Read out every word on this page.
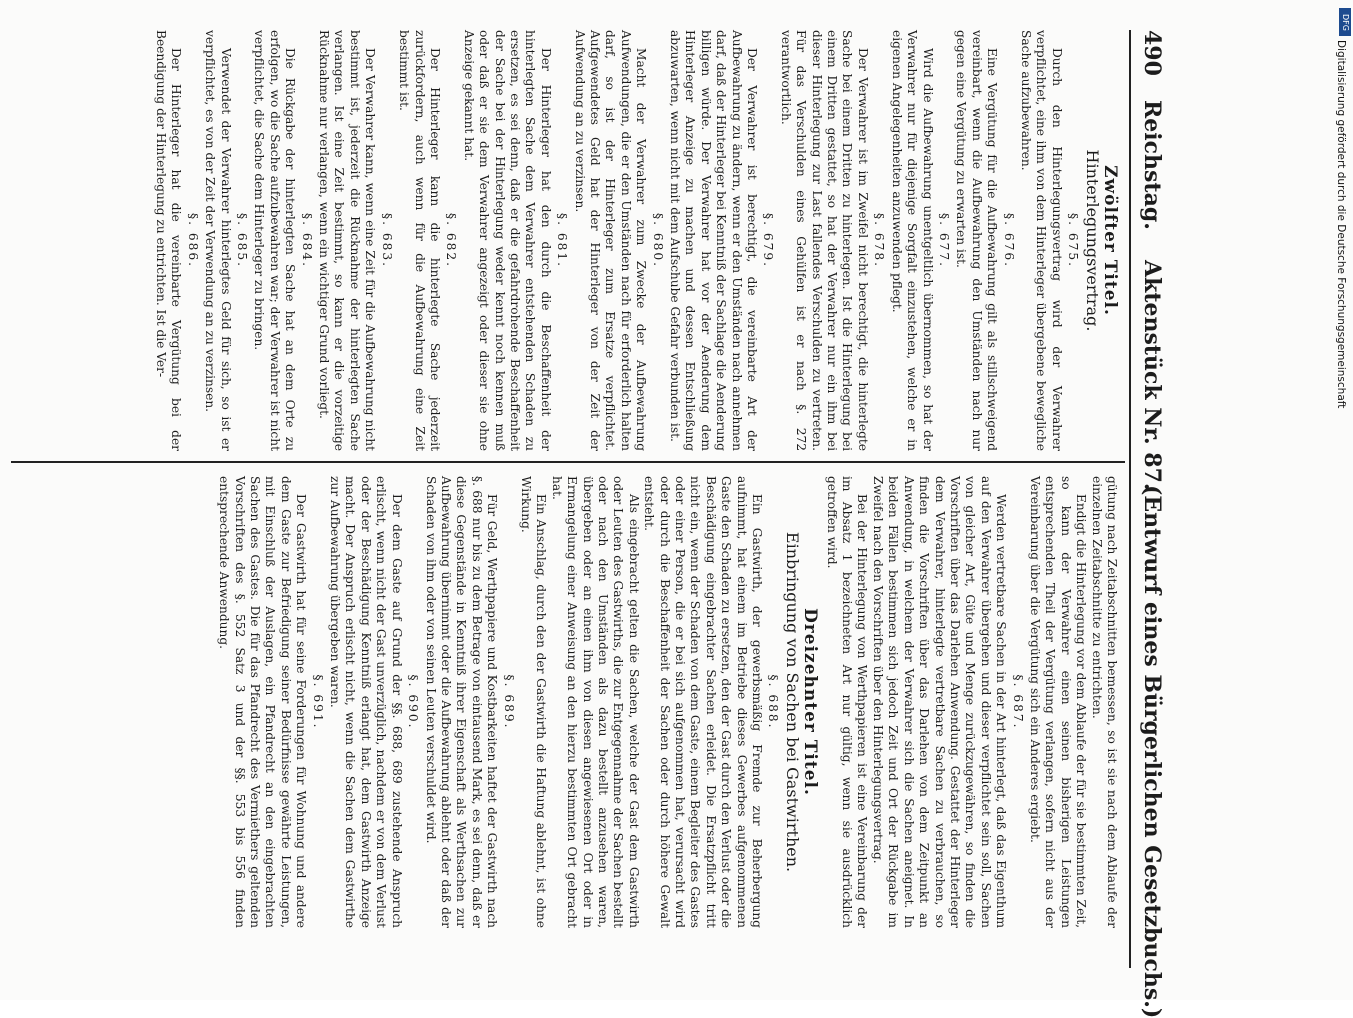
490
Reichstag.
Aktenstück Nr. 87.
(Entwurf eines Bürgerlichen Gesetzbuchs.)
Zwölfter Titel.
Hinterlegungsvertrag.
§. 675.

Durch den Hinterlegungsvertrag wird der Verwahrer verpflichtet, eine ihm von dem Hinterleger übergebene bewegliche Sache aufzubewahren.

§. 676.

Eine Vergütung für die Aufbewahrung gilt als stillschweigend vereinbart, wenn die Aufbewahrung den Umständen nach nur gegen eine Vergütung zu erwarten ist.

§. 677.

Wird die Aufbewahrung unentgeltlich übernommen, so hat der Verwahrer nur für diejenige Sorgfalt einzustehen, welche er in eigenen Angelegenheiten anzuwenden pflegt.

§. 678.

Der Verwahrer ist im Zweifel nicht berechtigt, die hinterlegte Sache bei einem Dritten zu hinterlegen. Ist die Hinterlegung bei einem Dritten gestattet, so hat der Verwahrer nur ein ihm bei dieser Hinterlegung zur Last fallendes Verschulden zu vertreten. Für das Verschulden eines Gehülfen ist er nach §. 272 verantwortlich.

§. 679.

Der Verwahrer ist berechtigt, die vereinbarte Art der Aufbewahrung zu ändern, wenn er den Umständen nach annehmen darf, daß der Hinterleger bei Kenntniß der Sachlage die Aenderung billigen würde. Der Verwahrer hat vor der Aenderung dem Hinterleger Anzeige zu machen und dessen Entschließung abzuwarten, wenn nicht mit dem Aufschube Gefahr verbunden ist.

§. 680.

Macht der Verwahrer zum Zwecke der Aufbewahrung Aufwendungen, die er den Umständen nach für erforderlich halten darf, so ist der Hinterleger zum Ersatze verpflichtet. Aufgewendetes Geld hat der Hinterleger von der Zeit der Aufwendung an zu verzinsen.

§. 681.

Der Hinterleger hat den durch die Beschaffenheit der hinterlegten Sache dem Verwahrer entstehenden Schaden zu ersetzen, es sei denn, daß er die gefahrdrohende Beschaffenheit der Sache bei der Hinterlegung weder kennt noch kennen muß oder daß er sie dem Verwahrer angezeigt oder dieser sie ohne Anzeige gekannt hat.

§. 682.

Der Hinterleger kann die hinterlegte Sache jederzeit zurückfordern, auch wenn für die Aufbewahrung eine Zeit bestimmt ist.

§. 683.

Der Verwahrer kann, wenn eine Zeit für die Aufbewahrung nicht bestimmt ist, jederzeit die Rücknahme der hinterlegten Sache verlangen. Ist eine Zeit bestimmt, so kann er die vorzeitige Rücknahme nur verlangen, wenn ein wichtiger Grund vorliegt.

§. 684.

Die Rückgabe der hinterlegten Sache hat an dem Orte zu erfolgen, wo die Sache aufzubewahren war; der Verwahrer ist nicht verpflichtet, die Sache dem Hinterleger zu bringen.

§. 685.

Verwendet der Verwahrer hinterlegtes Geld für sich, so ist er verpflichtet, es von der Zeit der Verwendung an zu verzinsen.

§. 686.

Der Hinterleger hat die vereinbarte Vergütung bei der Beendigung der Hinterlegung zu entrichten. Ist die Ver-

gütung nach Zeitabschnitten bemessen, so ist sie nach dem Ablaufe der einzelnen Zeitabschnitte zu entrichten.

Endigt die Hinterlegung vor dem Ablaufe der für sie bestimmten Zeit, so kann der Verwahrer einen seinen bisherigen Leistungen entsprechenden Theil der Vergütung verlangen, sofern nicht aus der Vereinbarung über die Vergütung sich ein Anderes ergiebt.

§. 687.

Werden vertretbare Sachen in der Art hinterlegt, daß das Eigenthum auf den Verwahrer übergehen und dieser verpflichtet sein soll, Sachen von gleicher Art, Güte und Menge zurückzugewähren, so finden die Vorschriften über das Darlehen Anwendung. Gestattet der Hinterleger dem Verwahrer, hinterlegte vertretbare Sachen zu verbrauchen, so finden die Vorschriften über das Darlehen von dem Zeitpunkt an Anwendung, in welchem der Verwahrer sich die Sachen aneignet. In beiden Fällen bestimmen sich jedoch Zeit und Ort der Rückgabe im Zweifel nach den Vorschriften über den Hinterlegungsvertrag.

Bei der Hinterlegung von Werthpapieren ist eine Vereinbarung der im Absatz 1 bezeichneten Art nur gültig, wenn sie ausdrücklich getroffen wird.

Dreizehnter Titel.
Einbringung von Sachen bei Gastwirthen.
§. 688.

Ein Gastwirth, der gewerbsmäßig Fremde zur Beherbergung aufnimmt, hat einem im Betriebe dieses Gewerbes aufgenommenen Gaste den Schaden zu ersetzen, den der Gast durch den Verlust oder die Beschädigung eingebrachter Sachen erleidet. Die Ersatzpflicht tritt nicht ein, wenn der Schaden von dem Gaste, einem Begleiter des Gastes oder einer Person, die er bei sich aufgenommen hat, verursacht wird oder durch die Beschaffenheit der Sachen oder durch höhere Gewalt entsteht.

Als eingebracht gelten die Sachen, welche der Gast dem Gastwirth oder Leuten des Gastwirths, die zur Entgegennahme der Sachen bestellt oder nach den Umständen als dazu bestellt anzusehen waren, übergeben oder an einen ihm von diesen angewiesenen Ort oder in Ermangelung einer Anweisung an den hierzu bestimmten Ort gebracht hat.

Ein Anschlag, durch den der Gastwirth die Haftung ablehnt, ist ohne Wirkung.

§. 689.

Für Geld, Werthpapiere und Kostbarkeiten haftet der Gastwirth nach §. 688 nur bis zu dem Betrage von eintausend Mark, es sei denn, daß er diese Gegenstände in Kenntniß ihrer Eigenschaft als Werthsachen zur Aufbewahrung übernimmt oder die Aufbewahrung ablehnt oder daß der Schaden von ihm oder von seinen Leuten verschuldet wird.

§. 690.

Der dem Gaste auf Grund der §§. 688, 689 zustehende Anspruch erlischt, wenn nicht der Gast unverzüglich, nachdem er von dem Verlust oder der Beschädigung Kenntniß erlangt hat, dem Gastwirth Anzeige macht. Der Anspruch erlischt nicht, wenn die Sachen dem Gastwirthe zur Aufbewahrung übergeben waren.

§. 691.

Der Gastwirth hat für seine Forderungen für Wohnung und andere dem Gaste zur Befriedigung seiner Bedürfnisse gewährte Leistungen, mit Einschluß der Auslagen, ein Pfandrecht an den eingebrachten Sachen des Gastes. Die für das Pfandrecht des Vermiethers geltenden Vorschriften des §. 552 Satz 3 und der §§. 553 bis 556 finden entsprechende Anwendung.

DFG
Digitalisierung gefördert durch die Deutsche Forschungsgemeinschaft
